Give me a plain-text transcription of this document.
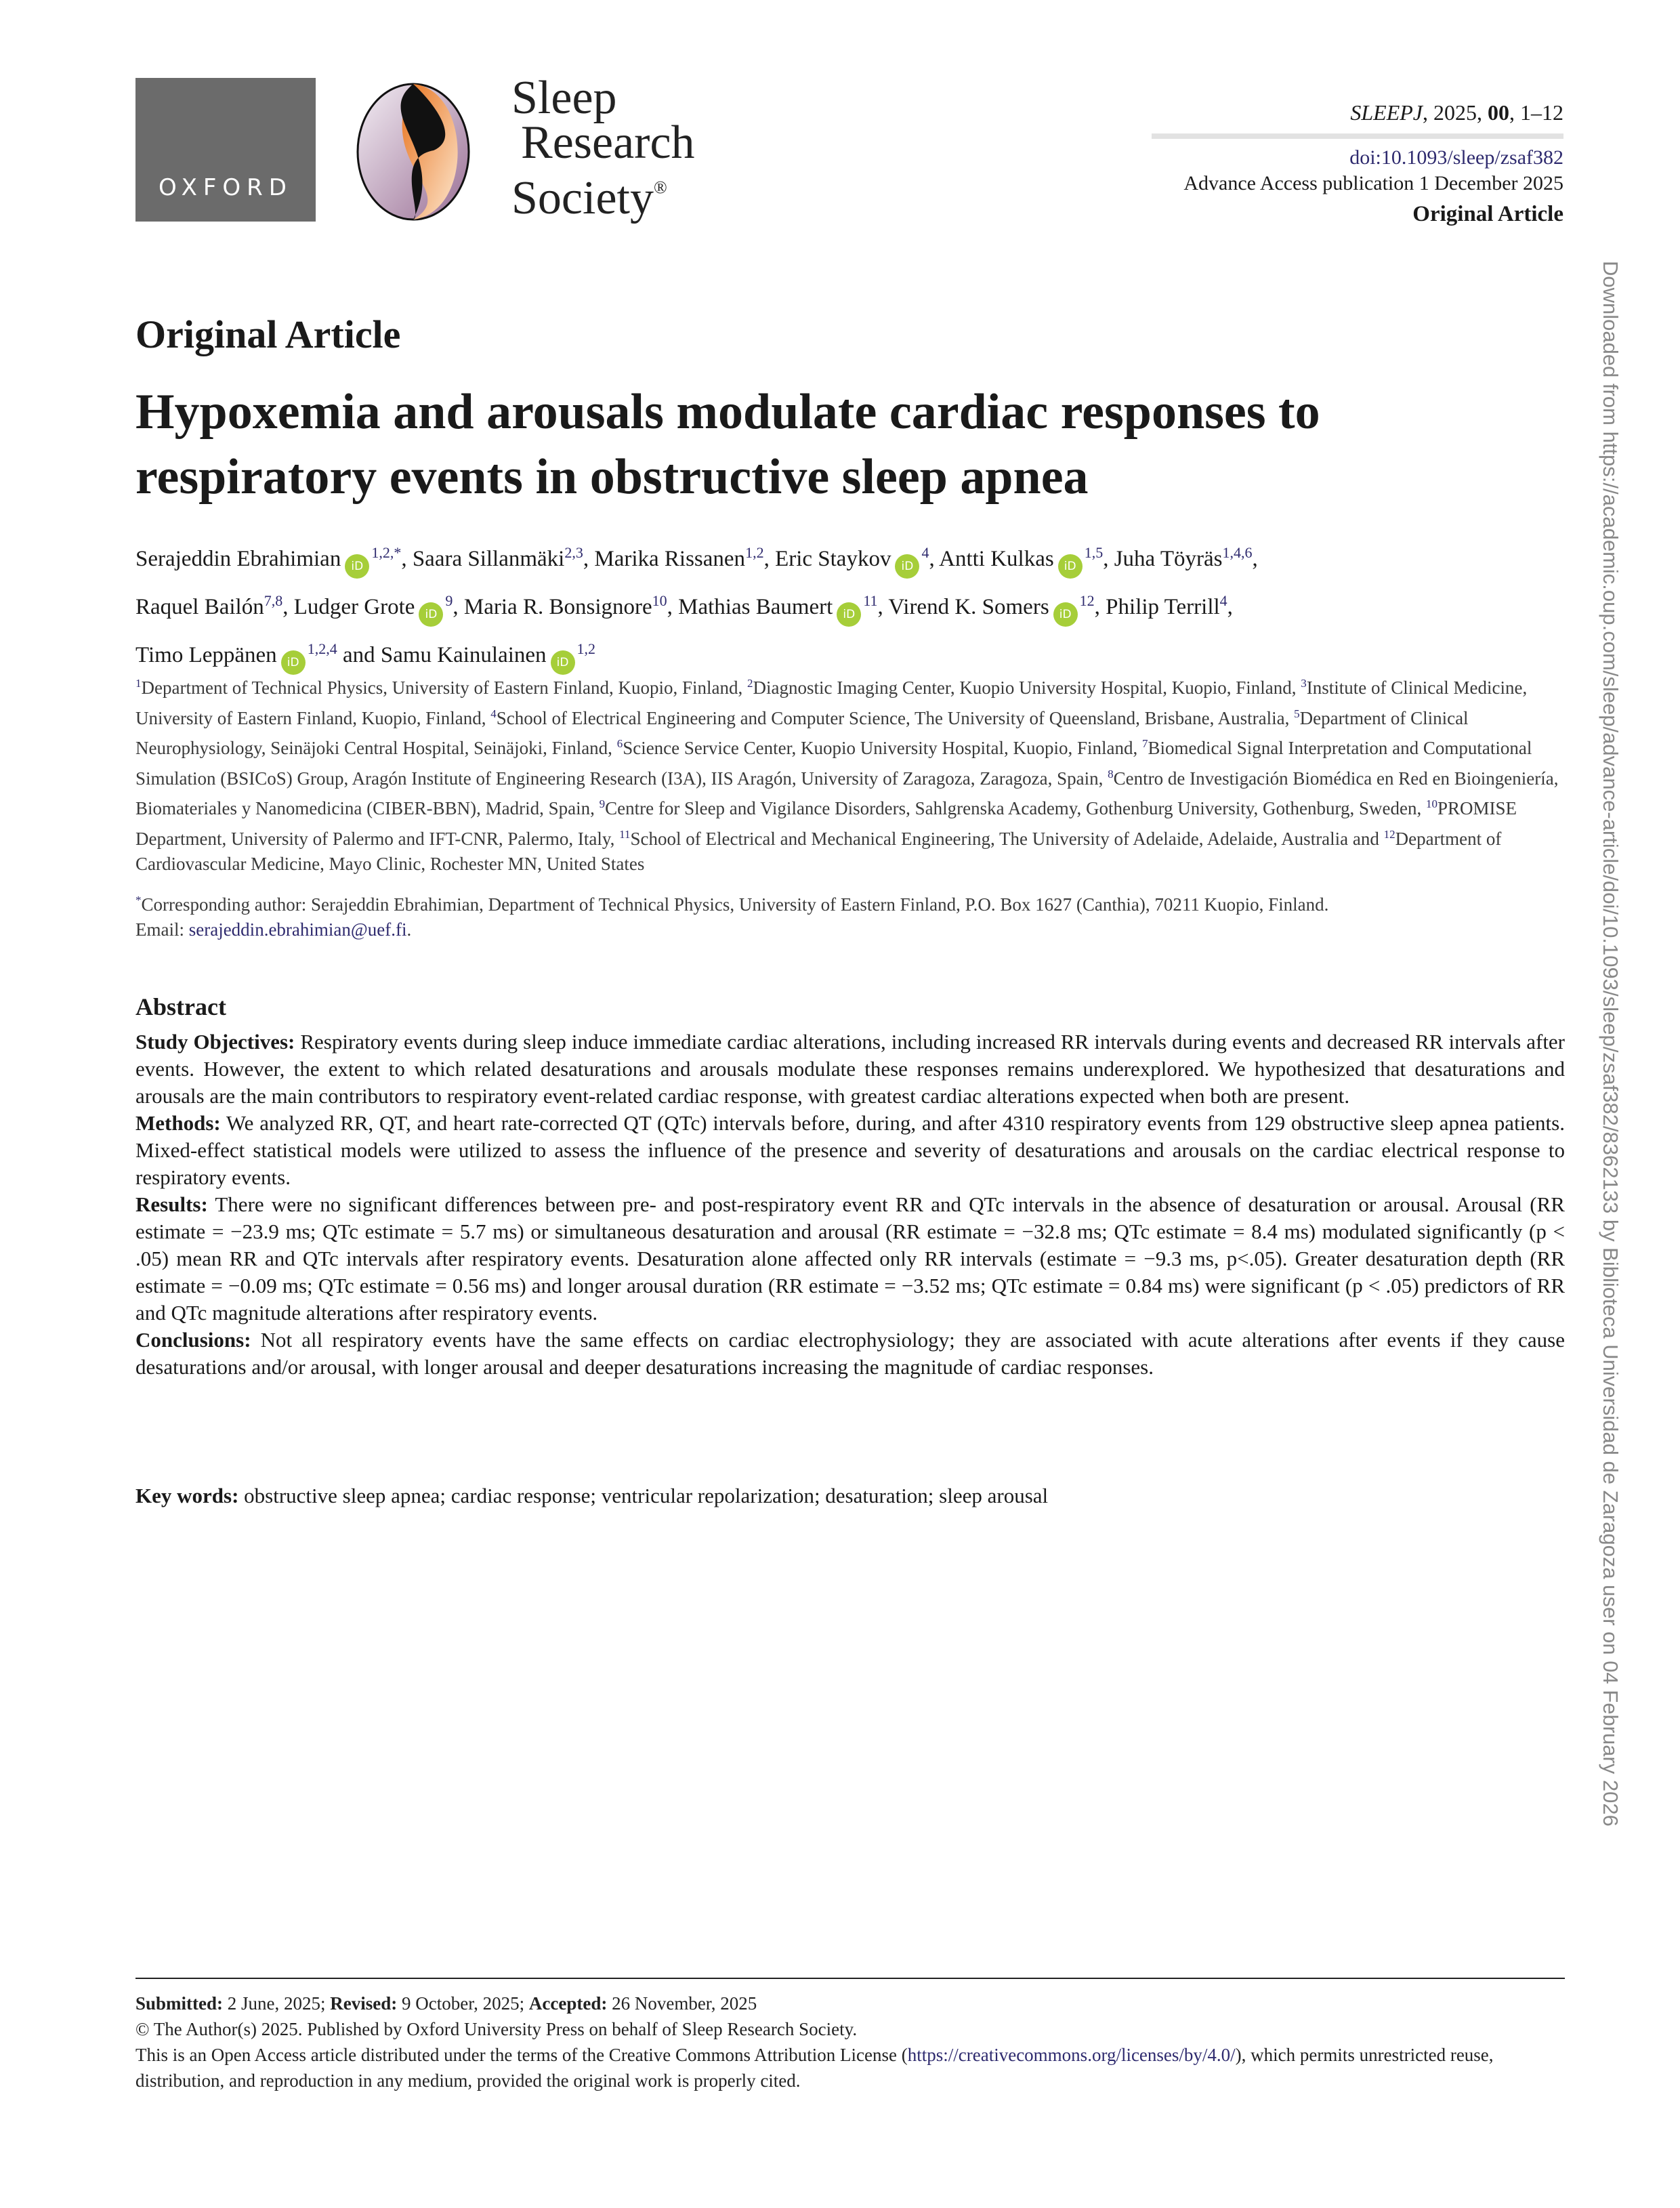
OXFORD
Sleep
Research
Society®
SLEEPJ, 2025, 00, 1–12
doi:10.1093/sleep/zsaf382
Advance Access publication 1 December 2025
Original Article
Downloaded from https://academic.oup.com/sleep/advance-article/doi/10.1093/sleep/zsaf382/8362133 by Biblioteca Universidad de Zaragoza user on 04 February 2026
Original Article
Hypoxemia and arousals modulate cardiac responses to respiratory events in obstructive sleep apnea
Serajeddin Ebrahimian $iD^{1,2,*}$, Saara Sillanmäki$^{2,3}$, Marika Rissanen$^{1,2}$, Eric Staykov $iD^4$, Antti Kulkas iD$^{1,5}$, Juha Töyräs$^{1,4,6}$,
Raquel Bailón$^{7,8}$, Ludger Grote $iD^9$, Maria R. Bonsignore$^{10}$, Mathias Baumert $iD^{11}$, Virend K. Somers $iD^{12}$, Philip Terrill$^4$,
Timo Leppänen iD$^{1,2,4}$ and Samu Kainulainen iD$^{1,2}$
$^1$Department of Technical Physics, University of Eastern Finland, Kuopio, Finland, $^2$Diagnostic Imaging Center, Kuopio University Hospital, Kuopio, Finland, $^3$Institute of Clinical Medicine, University of Eastern Finland, Kuopio, Finland, $^4$School of Electrical Engineering and Computer Science, The University of Queensland, Brisbane, Australia, $^5$Department of Clinical Neurophysiology, Seinäjoki Central Hospital, Seinäjoki, Finland, $^6$Science Service Center, Kuopio University Hospital, Kuopio, Finland, $^7$Biomedical Signal Interpretation and Computational Simulation (BSICoS) Group, Aragón Institute of Engineering Research (I3A), IIS Aragón, University of Zaragoza, Zaragoza, Spain, $^8$Centro de Investigación Biomédica en Red en Bioingeniería, Biomateriales y Nanomedicina (CIBER-BBN), Madrid, Spain, $^9$Centre for Sleep and Vigilance Disorders, Sahlgrenska Academy, Gothenburg University, Gothenburg, Sweden, $^{10}$PROMISE Department, University of Palermo and IFT-CNR, Palermo, Italy, $^{11}$School of Electrical and Mechanical Engineering, The University of Adelaide, Adelaide, Australia and $^{12}$Department of Cardiovascular Medicine, Mayo Clinic, Rochester MN, United States
*Corresponding author: Serajeddin Ebrahimian, Department of Technical Physics, University of Eastern Finland, P.O. Box 1627 (Canthia), 70211 Kuopio, Finland.
Email: serajeddin.ebrahimian@uef.fi.
Abstract

Study Objectives: Respiratory events during sleep induce immediate cardiac alterations, including increased RR intervals during events and decreased RR intervals after events. However, the extent to which related desaturations and arousals modulate these responses remains underexplored. We hypothesized that desaturations and arousals are the main contributors to respiratory event-related cardiac response, with greatest cardiac alterations expected when both are present.

Methods: We analyzed RR, QT, and heart rate-corrected QT (QTc) intervals before, during, and after 4310 respiratory events from 129 obstructive sleep apnea patients. Mixed-effect statistical models were utilized to assess the influence of the presence and severity of desaturations and arousals on the cardiac electrical response to respiratory events.

Results: There were no significant differences between pre- and post-respiratory event RR and QTc intervals in the absence of desaturation or arousal. Arousal (RR estimate = −23.9 ms; QTc estimate = 5.7 ms) or simultaneous desaturation and arousal (RR estimate = −32.8 ms; QTc estimate = 8.4 ms) modulated significantly (p < .05) mean RR and QTc intervals after respiratory events. Desaturation alone affected only RR intervals (estimate = −9.3 ms, p<.05). Greater desaturation depth (RR estimate = −0.09 ms; QTc estimate = 0.56 ms) and longer arousal duration (RR estimate = −3.52 ms; QTc estimate = 0.84 ms) were significant (p < .05) predictors of RR and QTc magnitude alterations after respiratory events.

Conclusions: Not all respiratory events have the same effects on cardiac electrophysiology; they are associated with acute alterations after events if they cause desaturations and/or arousal, with longer arousal and deeper desaturations increasing the magnitude of cardiac responses.

Key words: obstructive sleep apnea; cardiac response; ventricular repolarization; desaturation; sleep arousal

Submitted: 2 June, 2025; Revised: 9 October, 2025; Accepted: 26 November, 2025

© The Author(s) 2025. Published by Oxford University Press on behalf of Sleep Research Society.

This is an Open Access article distributed under the terms of the Creative Commons Attribution License (https://creativecommons.org/licenses/by/4.0/), which permits unrestricted reuse, distribution, and reproduction in any medium, provided the original work is properly cited.
